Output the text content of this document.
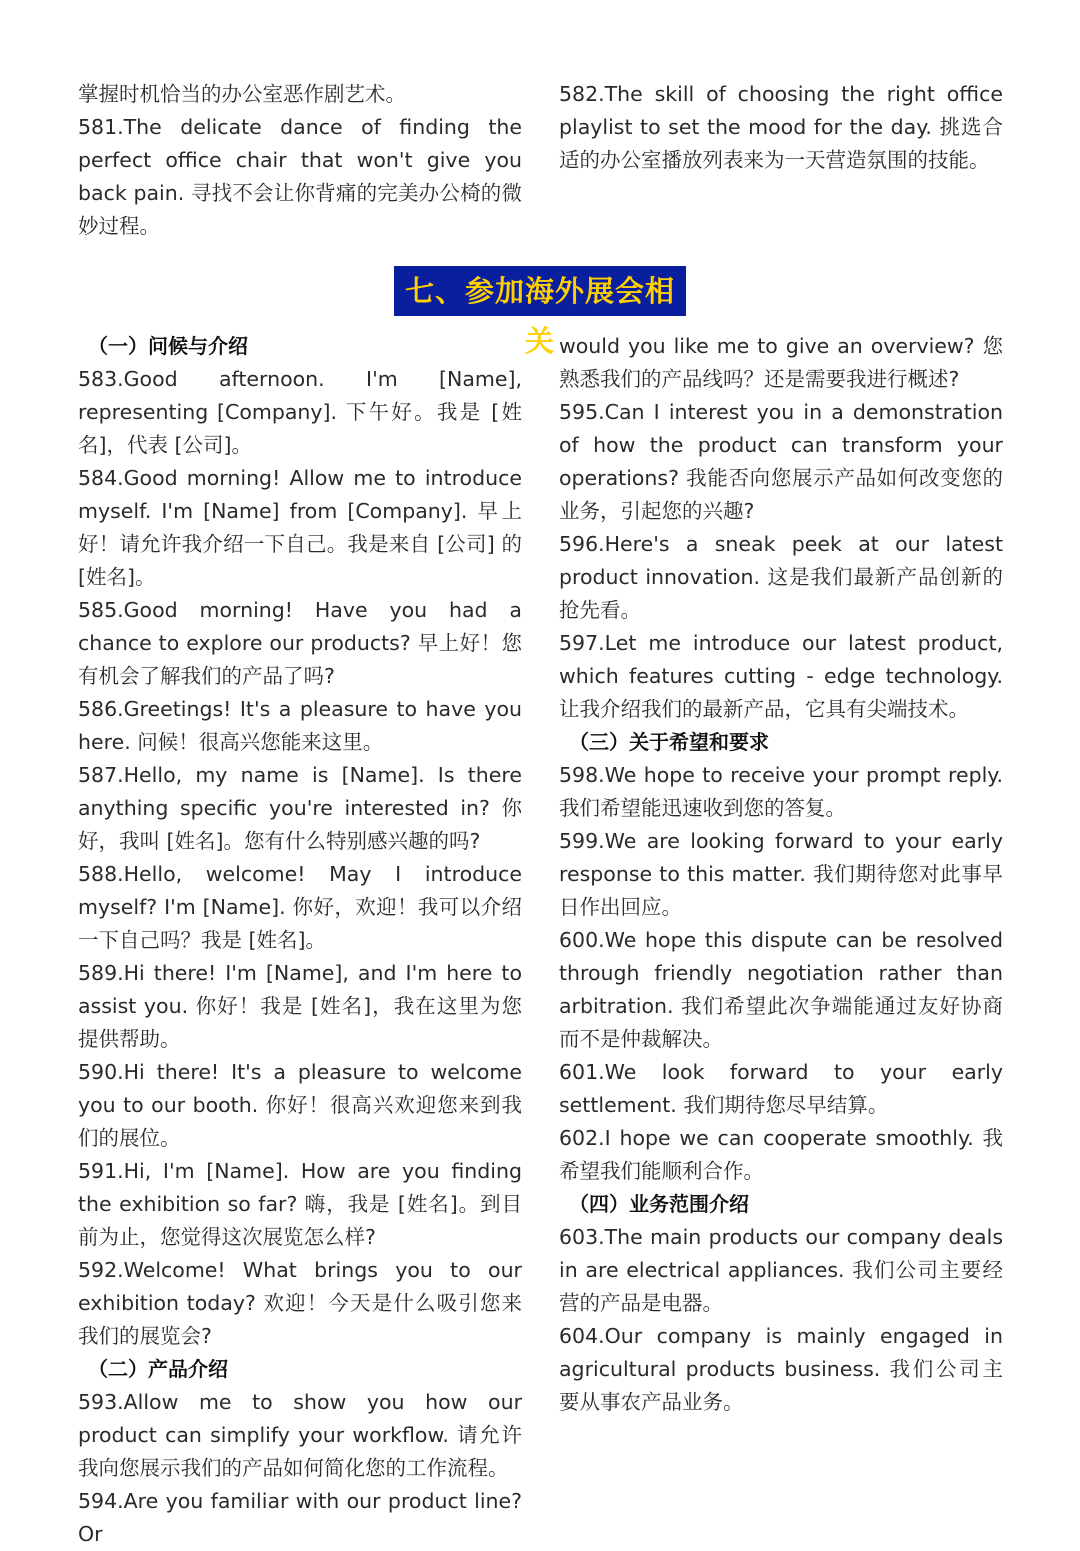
掌握时机恰当的办公室恶作剧艺术。

581.The delicate dance of finding the perfect office chair that won't give you back pain. 寻找不会让你背痛的完美办公椅的微妙过程。

582.The skill of choosing the right office playlist to set the mood for the day. 挑选合适的办公室播放列表来为一天营造氛围的技能。

七、参加海外展会相关

（一）问候与介绍

583.Good afternoon. I'm [Name], representing [Company]. 下午好。我是 [姓名]，代表 [公司]。

584.Good morning! Allow me to introduce myself. I'm [Name] from [Company]. 早上好！请允许我介绍一下自己。我是来自 [公司] 的 [姓名]。

585.Good morning! Have you had a chance to explore our products? 早上好！您有机会了解我们的产品了吗?

586.Greetings! It's a pleasure to have you here. 问候！很高兴您能来这里。

587.Hello, my name is [Name]. Is there anything specific you're interested in? 你好，我叫 [姓名]。您有什么特别感兴趣的吗?

588.Hello, welcome! May I introduce myself? I'm [Name]. 你好，欢迎！我可以介绍一下自己吗？我是 [姓名]。

589.Hi there! I'm [Name], and I'm here to assist you. 你好！我是 [姓名]，我在这里为您提供帮助。

590.Hi there! It's a pleasure to welcome you to our booth. 你好！很高兴欢迎您来到我们的展位。

591.Hi, I'm [Name]. How are you finding the exhibition so far? 嗨，我是 [姓名]。到目前为止，您觉得这次展览怎么样?

592.Welcome! What brings you to our exhibition today? 欢迎！今天是什么吸引您来我们的展览会?

（二）产品介绍

593.Allow me to show you how our product can simplify your workflow. 请允许我向您展示我们的产品如何简化您的工作流程。

594.Are you familiar with our product line? Or

would you like me to give an overview? 您熟悉我们的产品线吗？还是需要我进行概述?

595.Can I interest you in a demonstration of how the product can transform your operations? 我能否向您展示产品如何改变您的业务，引起您的兴趣?

596.Here's a sneak peek at our latest product innovation. 这是我们最新产品创新的抢先看。

597.Let me introduce our latest product, which features cutting - edge technology. 让我介绍我们的最新产品，它具有尖端技术。

（三）关于希望和要求

598.We hope to receive your prompt reply. 我们希望能迅速收到您的答复。

599.We are looking forward to your early response to this matter. 我们期待您对此事早日作出回应。

600.We hope this dispute can be resolved through friendly negotiation rather than arbitration. 我们希望此次争端能通过友好协商而不是仲裁解决。

601.We look forward to your early settlement. 我们期待您尽早结算。

602.I hope we can cooperate smoothly. 我希望我们能顺利合作。

（四）业务范围介绍

603.The main products our company deals in are electrical appliances. 我们公司主要经营的产品是电器。

604.Our company is mainly engaged in agricultural products business. 我们公司主要从事农产品业务。
